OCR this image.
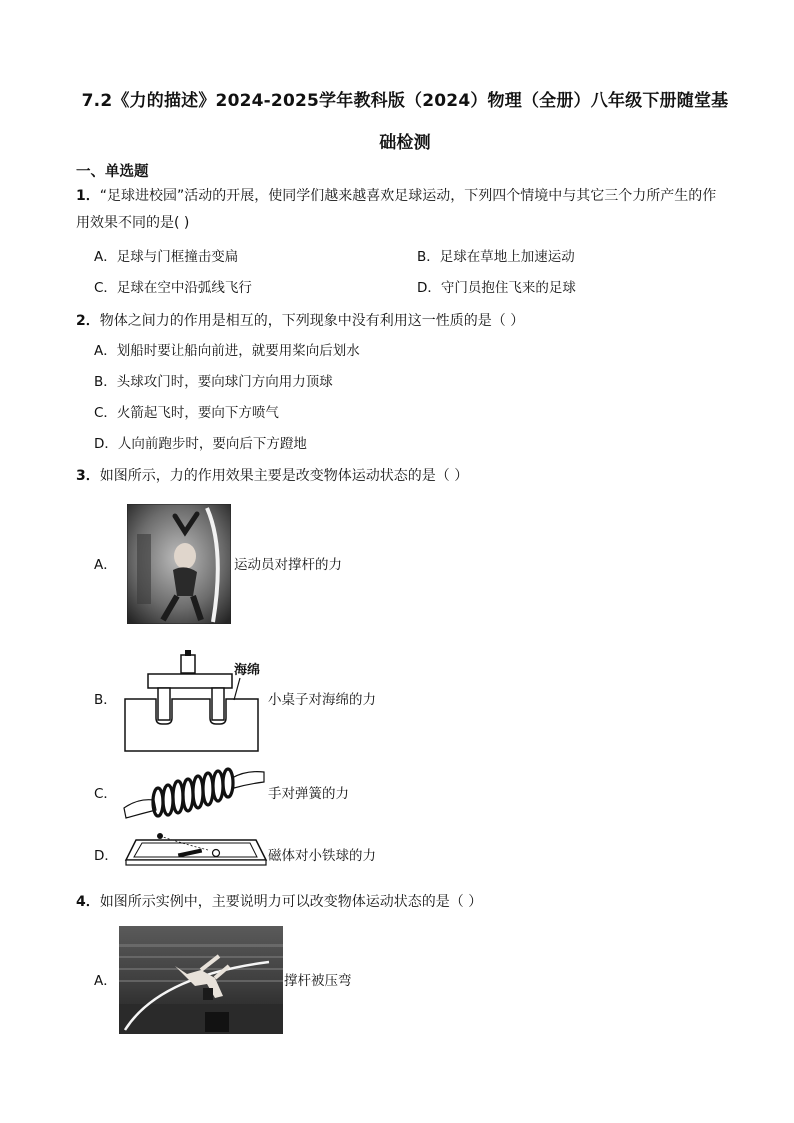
7.2《力的描述》2024-2025学年教科版（2024）物理（全册）八年级下册随堂基
础检测
一、单选题
1．“足球进校园”活动的开展，使同学们越来越喜欢足球运动，下列四个情境中与其它三个力所产生的作
用效果不同的是( )
A．足球与门框撞击变扁	B．足球在草地上加速运动
C．足球在空中沿弧线飞行	D．守门员抱住飞来的足球
2．物体之间力的作用是相互的，下列现象中没有利用这一性质的是（ ）
A．划船时要让船向前进，就要用桨向后划水
B．头球攻门时，要向球门方向用力顶球
C．火箭起飞时，要向下方喷气
D．人向前跑步时，要向后下方蹬地
3．如图所示，力的作用效果主要是改变物体运动状态的是（ ）
A．	运动员对撑杆的力
B．
海绵
小桌子对海绵的力
C．	手对弹簧的力
D．	磁体对小铁球的力
4．如图所示实例中，主要说明力可以改变物体运动状态的是（ ）
A．	撑杆被压弯
